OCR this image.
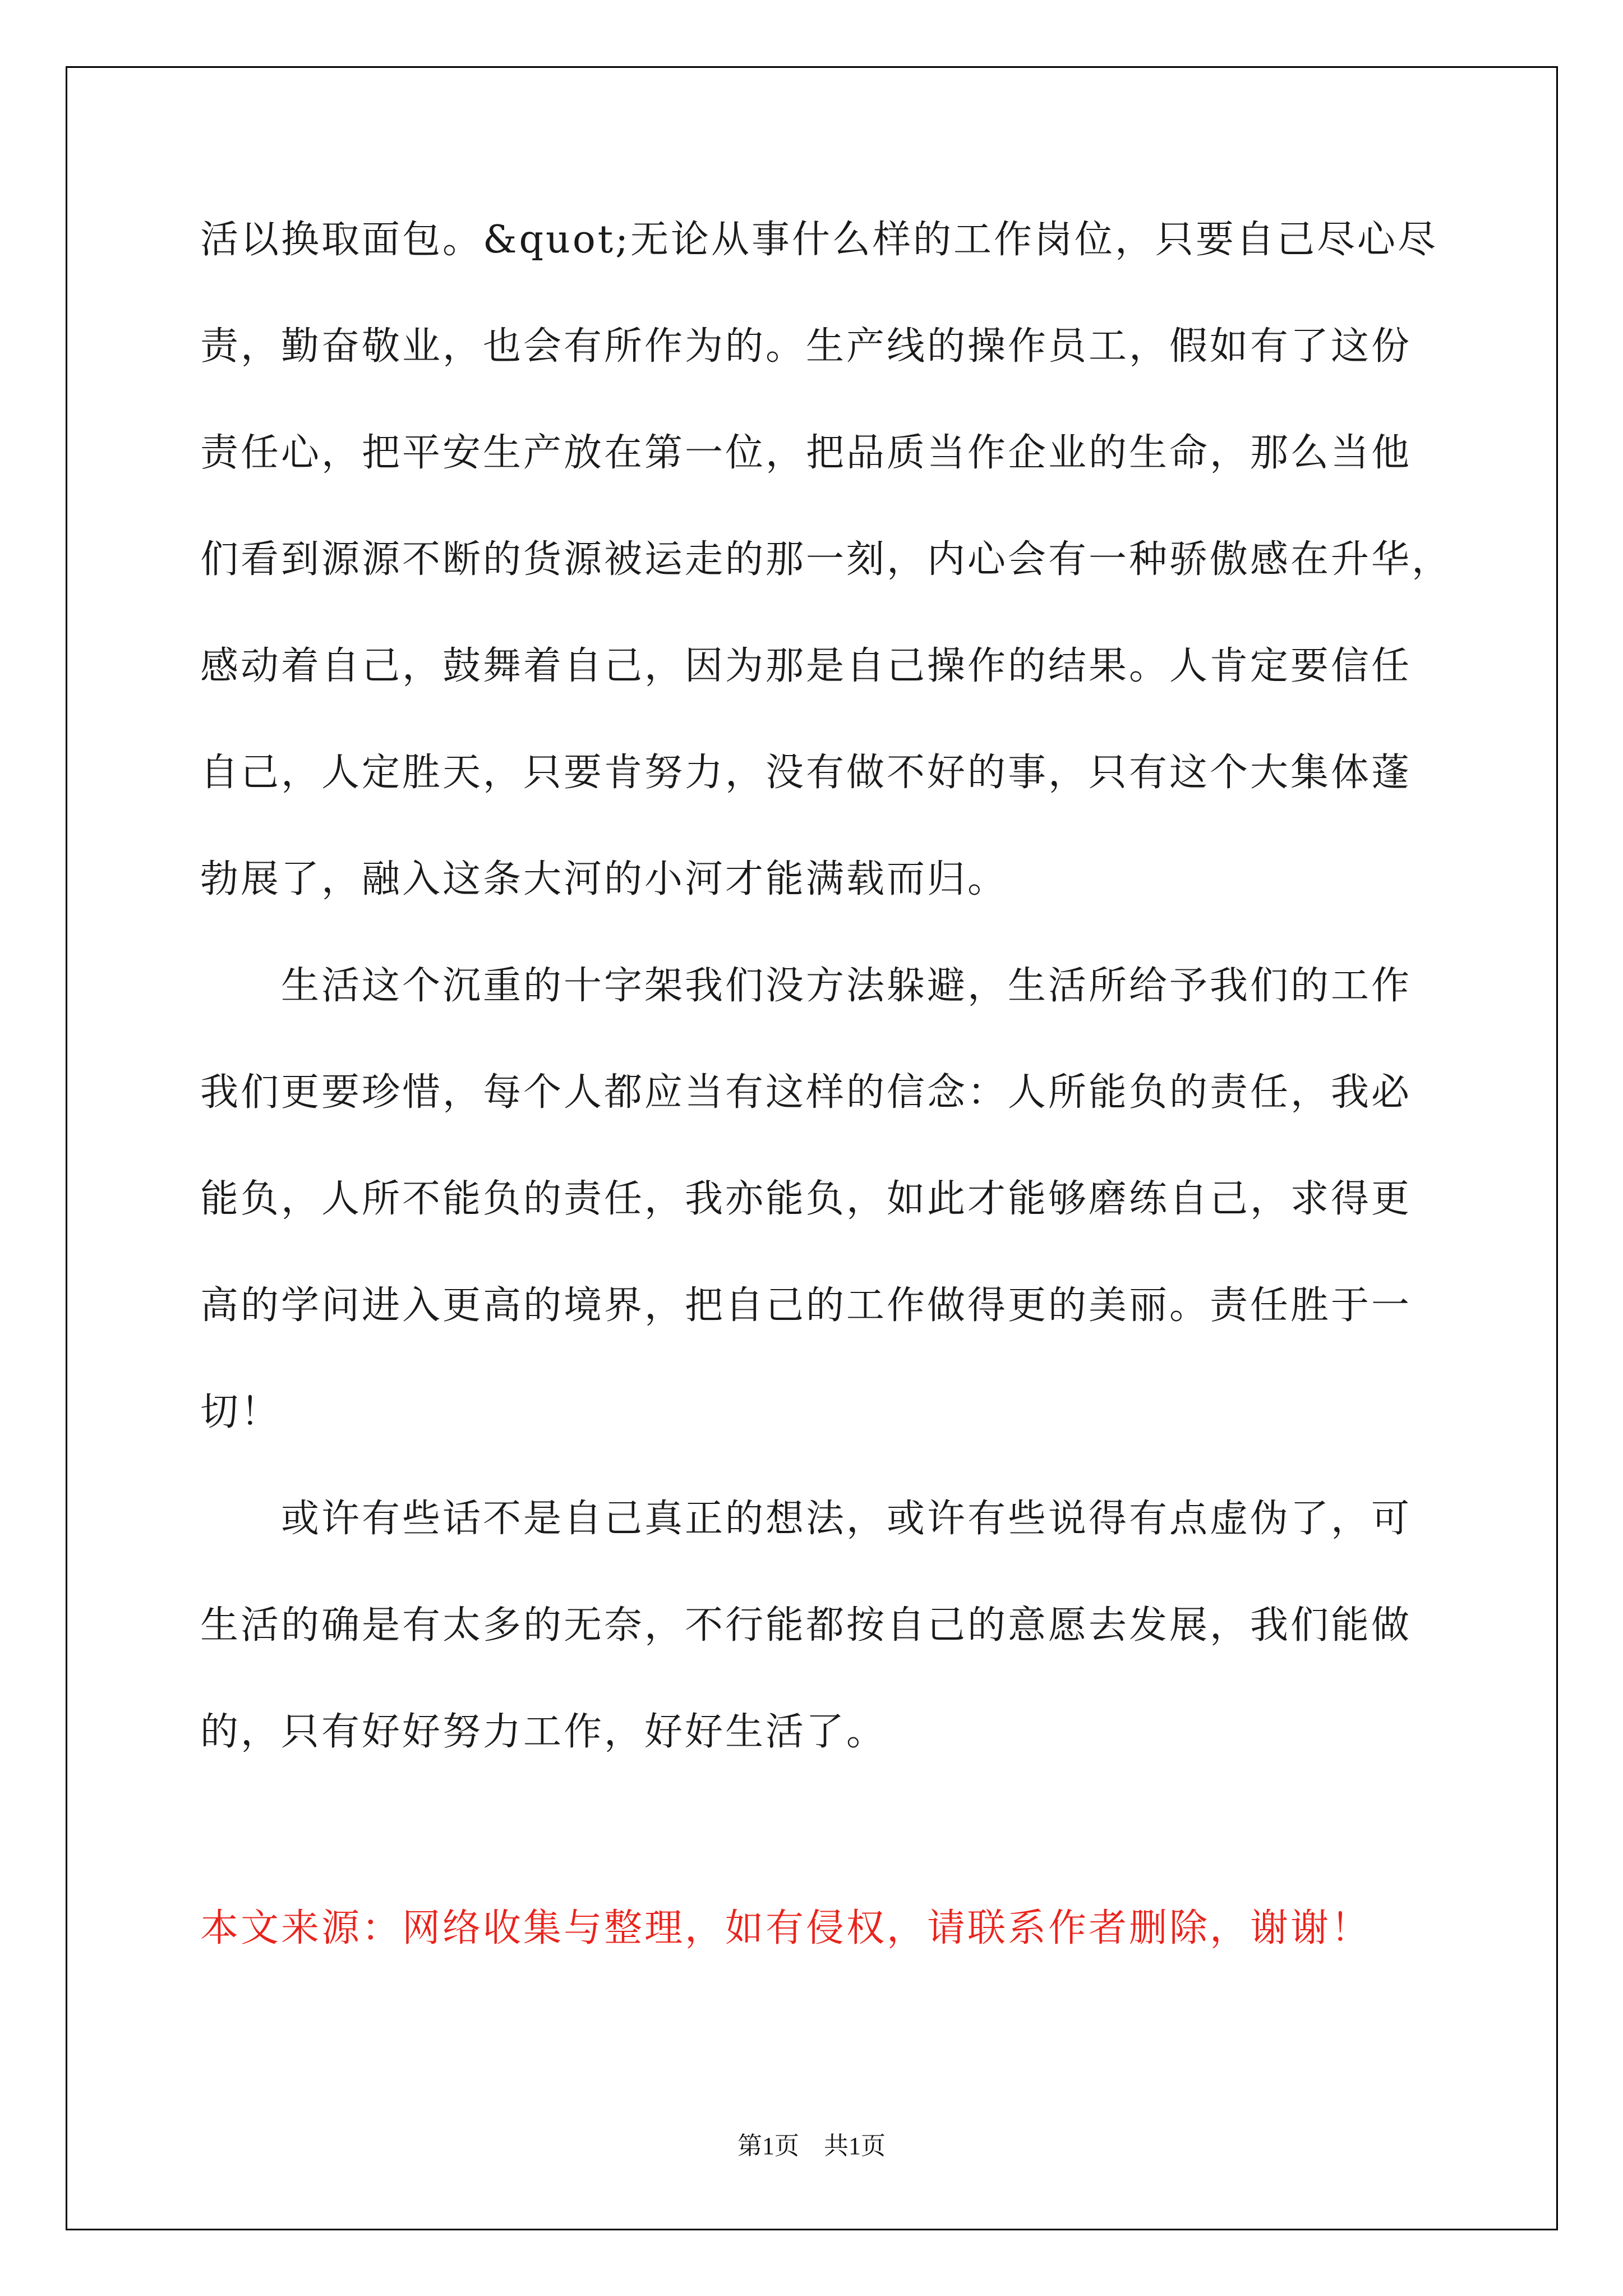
活以换取面包。&quot;无论从事什么样的工作岗位，只要自己尽心尽
责，勤奋敬业，也会有所作为的。生产线的操作员工，假如有了这份
责任心，把平安生产放在第一位，把品质当作企业的生命，那么当他
们看到源源不断的货源被运走的那一刻，内心会有一种骄傲感在升华，
感动着自己，鼓舞着自己，因为那是自己操作的结果。人肯定要信任
自己，人定胜天，只要肯努力，没有做不好的事，只有这个大集体蓬
勃展了，融入这条大河的小河才能满载而归。
　　生活这个沉重的十字架我们没方法躲避，生活所给予我们的工作
我们更要珍惜，每个人都应当有这样的信念：人所能负的责任，我必
能负，人所不能负的责任，我亦能负，如此才能够磨练自己，求得更
高的学问进入更高的境界，把自己的工作做得更的美丽。责任胜于一
切！
　　或许有些话不是自己真正的想法，或许有些说得有点虚伪了，可
生活的确是有太多的无奈，不行能都按自己的意愿去发展，我们能做
的，只有好好努力工作，好好生活了。
本文来源：网络收集与整理，如有侵权，请联系作者删除，谢谢！
第1页　共1页
